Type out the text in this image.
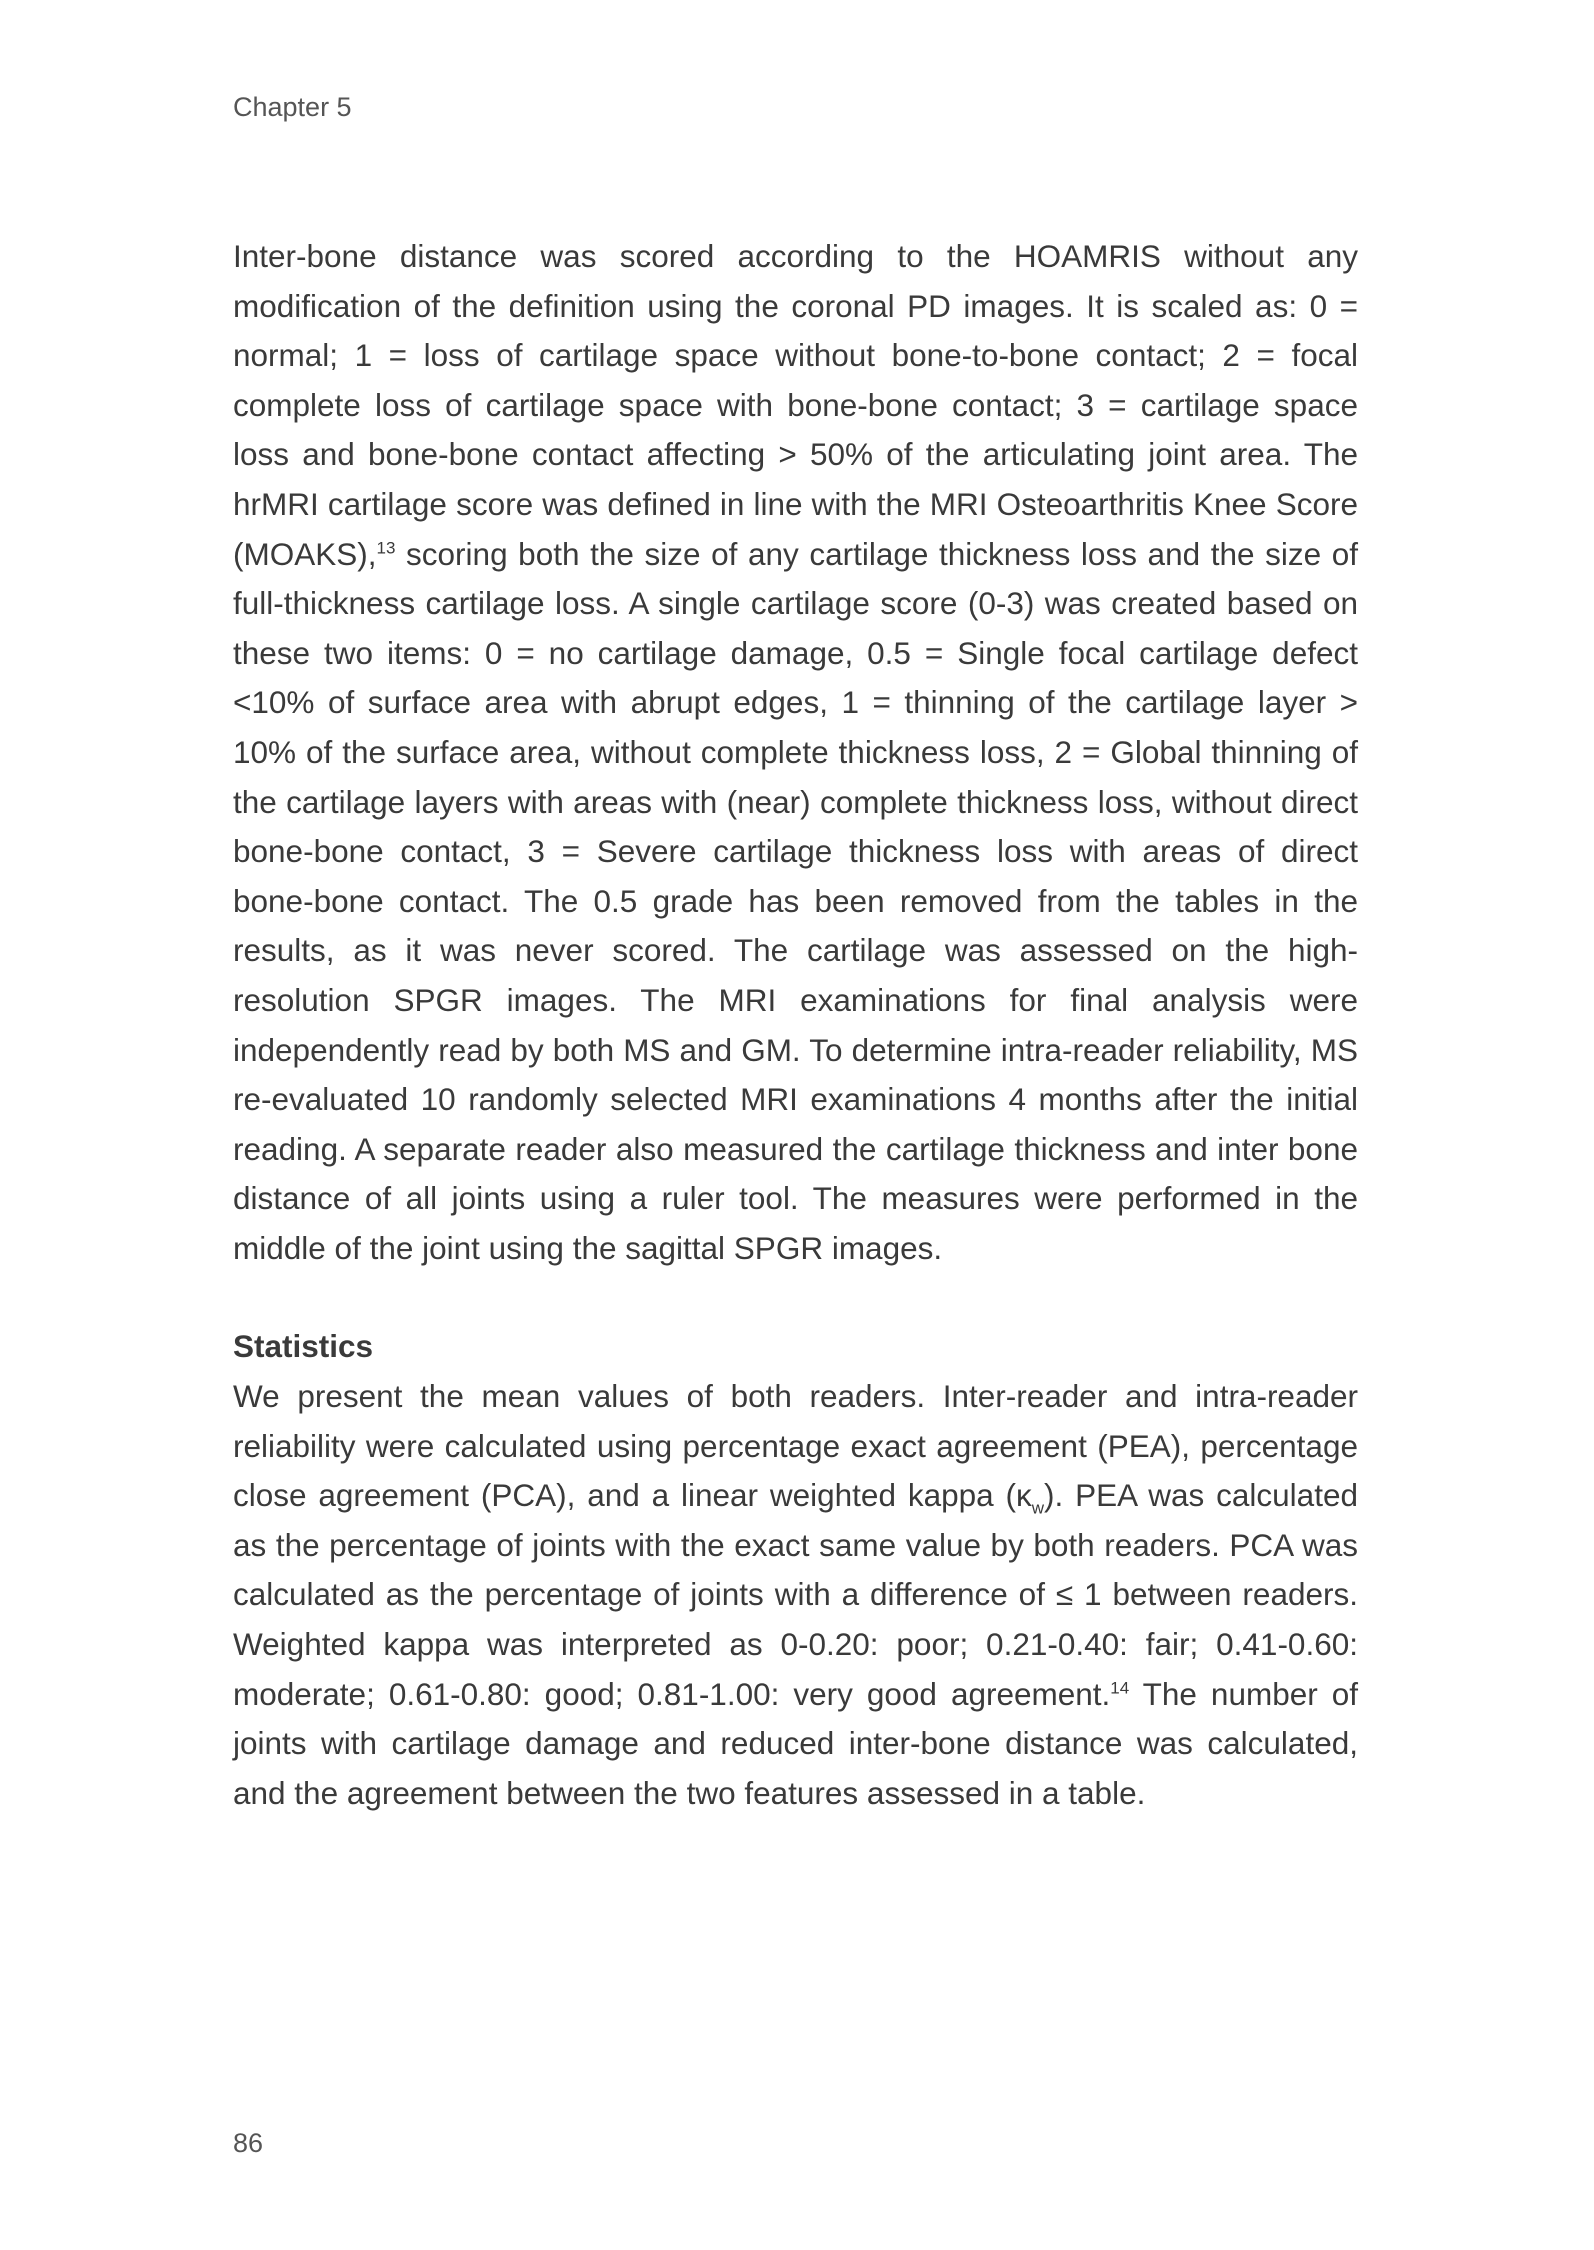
Chapter 5

Inter-bone distance was scored according to the HOAMRIS without any modification of the definition using the coronal PD images. It is scaled as: 0 = normal; 1 = loss of cartilage space without bone-to-bone contact; 2 = focal complete loss of cartilage space with bone-bone contact; 3 = cartilage space loss and bone-bone contact affecting > 50% of the articulating joint area. The hrMRI cartilage score was defined in line with the MRI Osteoarthritis Knee Score (MOAKS),$^{13}$ scoring both the size of any cartilage thickness loss and the size of full-thickness cartilage loss. A single cartilage score (0-3) was created based on these two items: 0 = no cartilage damage, 0.5 = Single focal cartilage defect <10% of surface area with abrupt edges, 1 = thinning of the cartilage layer > 10% of the surface area, without complete thickness loss, 2 = Global thinning of the cartilage layers with areas with (near) complete thickness loss, without direct bone-bone contact, 3 = Severe cartilage thickness loss with areas of direct bone-bone contact. The 0.5 grade has been removed from the tables in the results, as it was never scored. The cartilage was assessed on the high-resolution SPGR images. The MRI examinations for final analysis were independently read by both MS and GM. To determine intra-reader reliability, MS re-evaluated 10 randomly selected MRI examinations 4 months after the initial reading. A separate reader also measured the cartilage thickness and inter bone distance of all joints using a ruler tool. The measures were performed in the middle of the joint using the sagittal SPGR images.

Statistics

We present the mean values of both readers. Inter-reader and intra-reader reliability were calculated using percentage exact agreement (PEA), percentage close agreement (PCA), and a linear weighted kappa $(\kappa_w)$. PEA was calculated as the percentage of joints with the exact same value by both readers. PCA was calculated as the percentage of joints with a difference of ≤ 1 between readers. Weighted kappa was interpreted as 0-0.20: poor; 0.21-0.40: fair; 0.41-0.60: moderate; 0.61-0.80: good; 0.81-1.00: very good agreement.$^{14}$ The number of joints with cartilage damage and reduced inter-bone distance was calculated, and the agreement between the two features assessed in a table.

86
